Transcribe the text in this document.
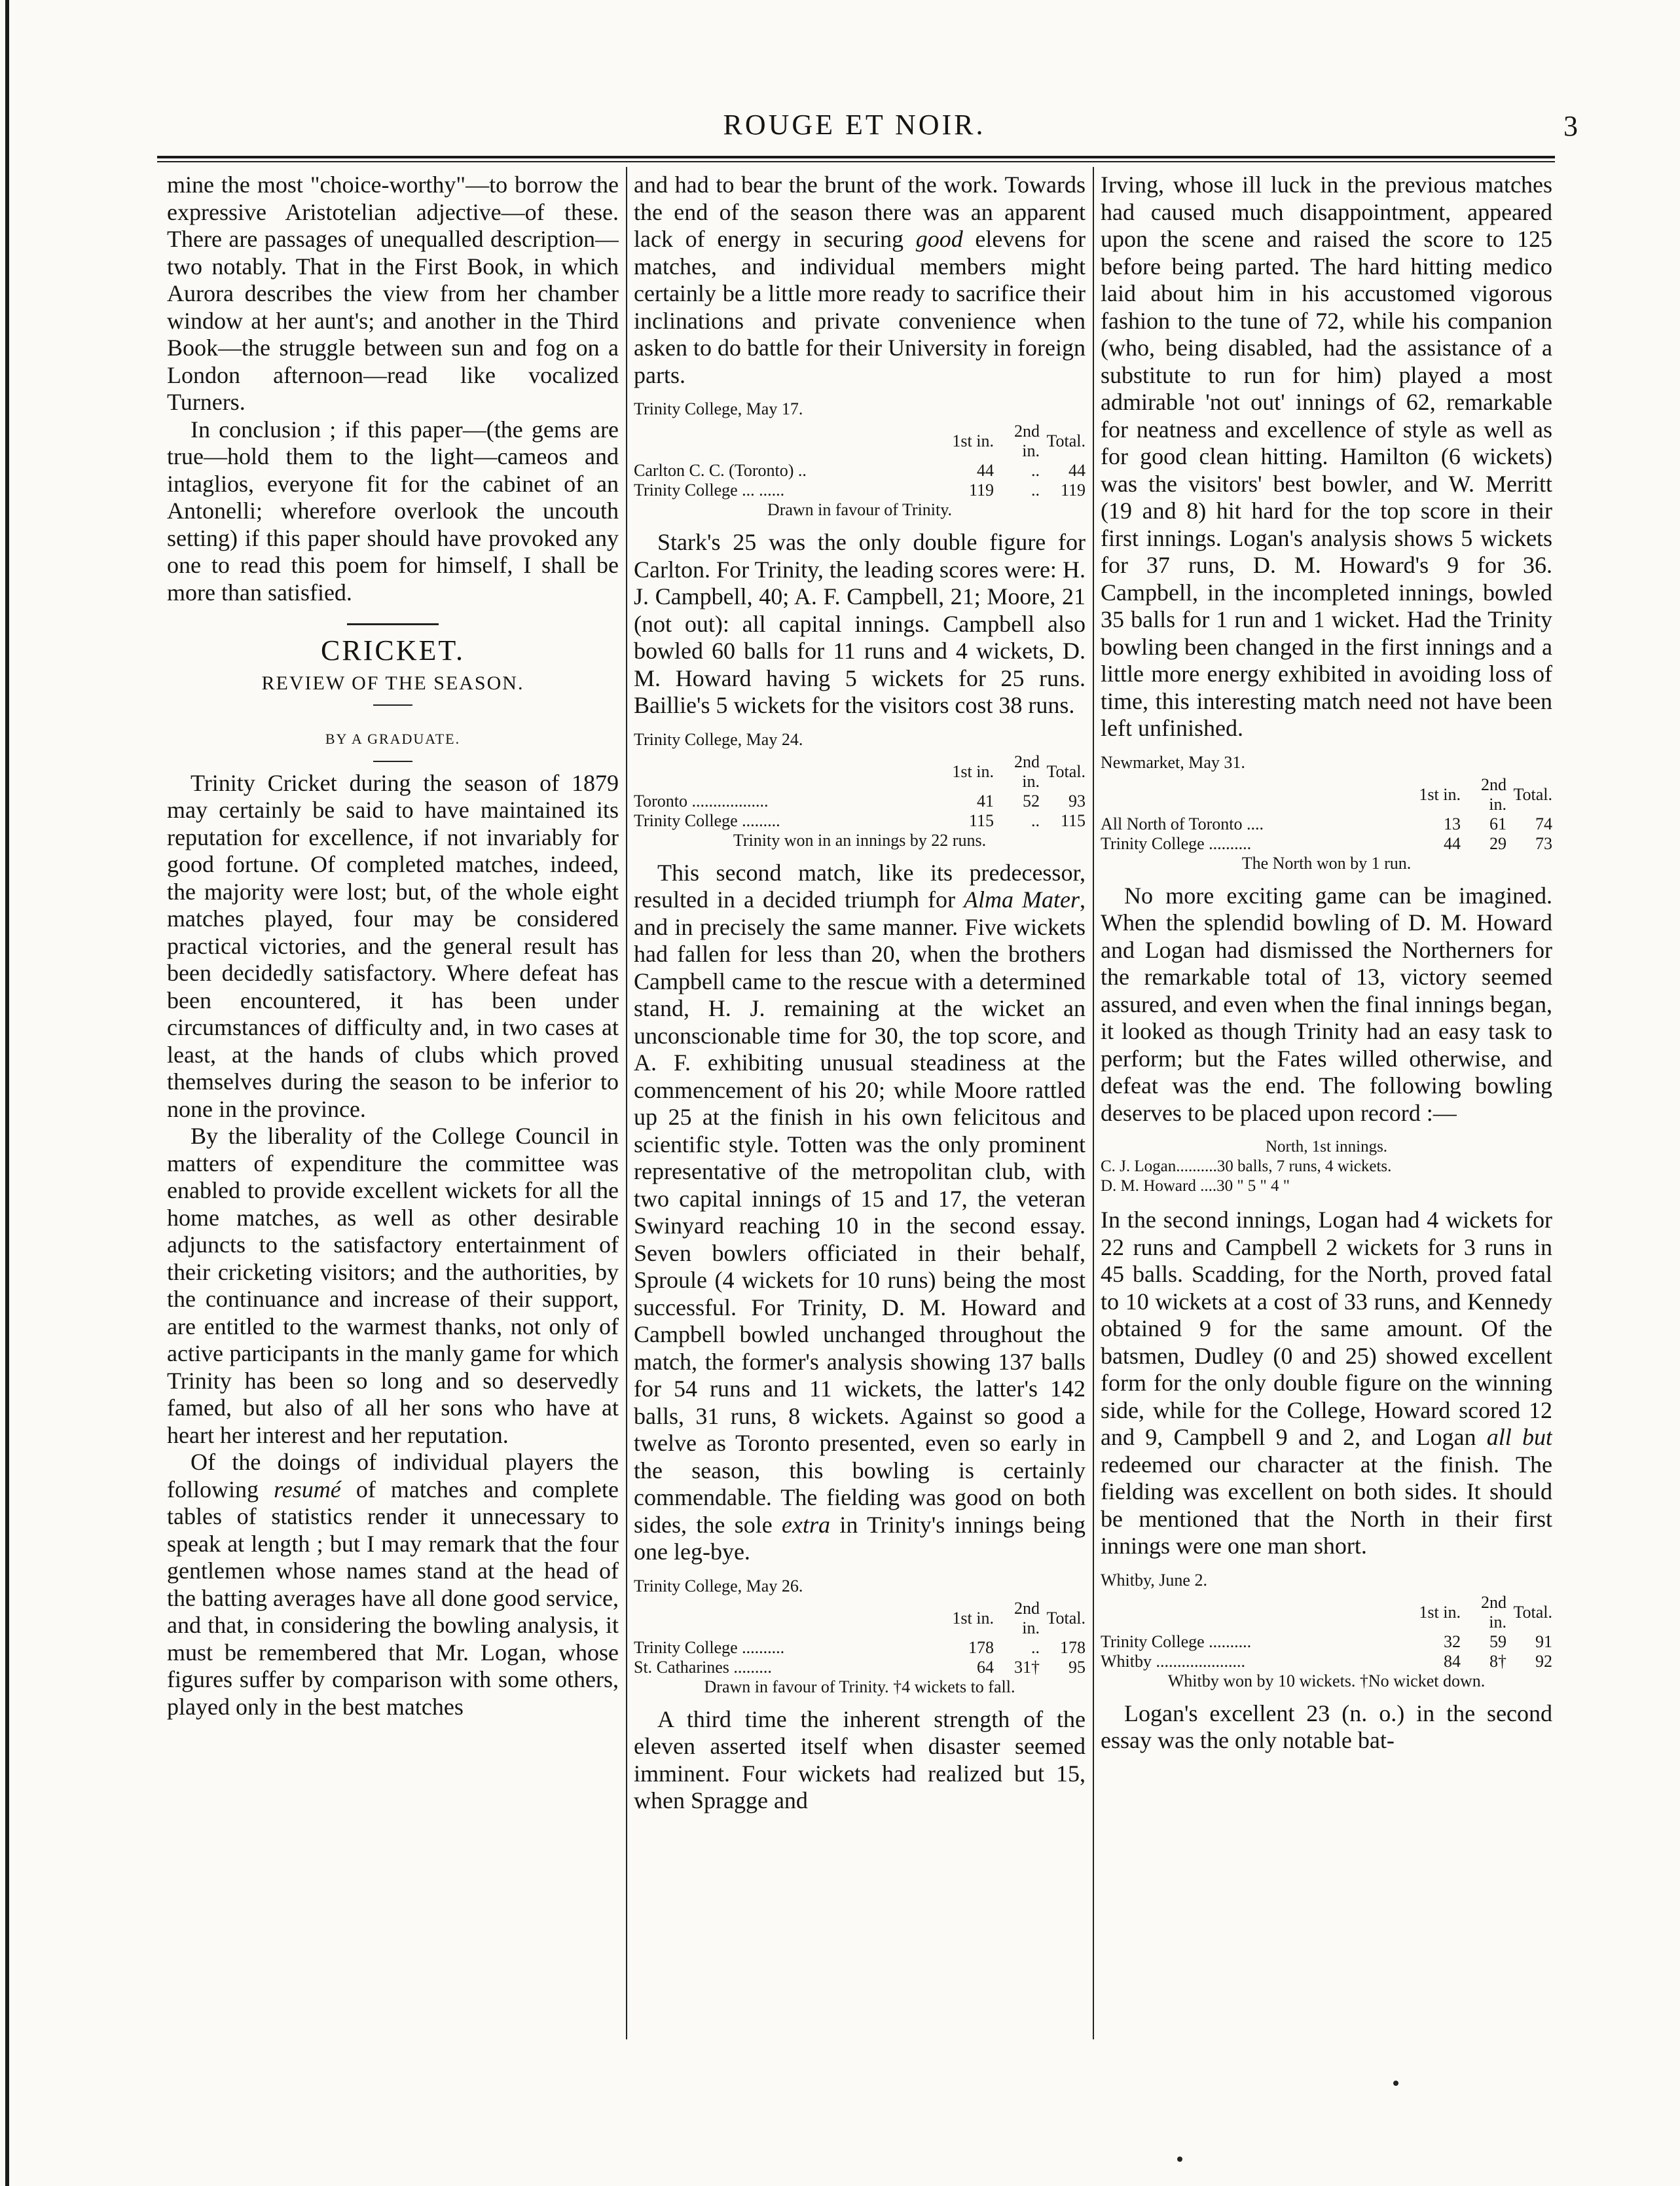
ROUGE ET NOIR.	3

mine the most "choice-worthy"—to borrow the expressive Aristotelian adjective—of these. There are passages of unequalled description—two notably. That in the First Book, in which Aurora describes the view from her chamber window at her aunt's; and another in the Third Book—the struggle between sun and fog on a London afternoon—read like vocalized Turners.

In conclusion ; if this paper—(the gems are true—hold them to the light—cameos and intaglios, everyone fit for the cabinet of an Antonelli; wherefore overlook the uncouth setting) if this paper should have provoked any one to read this poem for himself, I shall be more than satisfied.

CRICKET.
REVIEW OF THE SEASON.
BY A GRADUATE.

Trinity Cricket during the season of 1879 may certainly be said to have maintained its reputation for excellence, if not invariably for good fortune. Of completed matches, indeed, the majority were lost; but, of the whole eight matches played, four may be considered practical victories, and the general result has been decidedly satisfactory. Where defeat has been encountered, it has been under circumstances of difficulty and, in two cases at least, at the hands of clubs which proved themselves during the season to be inferior to none in the province.

By the liberality of the College Council in matters of expenditure the committee was enabled to provide excellent wickets for all the home matches, as well as other desirable adjuncts to the satisfactory entertainment of their cricketing visitors; and the authorities, by the continuance and increase of their support, are entitled to the warmest thanks, not only of active participants in the manly game for which Trinity has been so long and so deservedly famed, but also of all her sons who have at heart her interest and her reputation.

Of the doings of individual players the following resumé of matches and complete tables of statistics render it unnecessary to speak at length ; but I may remark that the four gentlemen whose names stand at the head of the batting averages have all done good service, and that, in considering the bowling analysis, it must be remembered that Mr. Logan, whose figures suffer by comparison with some others, played only in the best matches

and had to bear the brunt of the work. Towards the end of the season there was an apparent lack of energy in securing good elevens for matches, and individual members might certainly be a little more ready to sacrifice their inclinations and private convenience when asken to do battle for their University in foreign parts.

Trinity College, May 17.
	1st in.	2nd in.	Total.
Carlton C. C. (Toronto) ..	44	..	44
Trinity College ... ......	119	..	119
Drawn in favour of Trinity.

Stark's 25 was the only double figure for Carlton. For Trinity, the leading scores were: H. J. Campbell, 40; A. F. Campbell, 21; Moore, 21 (not out): all capital innings. Campbell also bowled 60 balls for 11 runs and 4 wickets, D. M. Howard having 5 wickets for 25 runs. Baillie's 5 wickets for the visitors cost 38 runs.

Trinity College, May 24.
	1st in.	2nd in.	Total.
Toronto ..................	41	52	93
Trinity College .........	115	..	115
Trinity won in an innings by 22 runs.

This second match, like its predecessor, resulted in a decided triumph for Alma Mater, and in precisely the same manner. Five wickets had fallen for less than 20, when the brothers Campbell came to the rescue with a determined stand, H. J. remaining at the wicket an unconscionable time for 30, the top score, and A. F. exhibiting unusual steadiness at the commencement of his 20; while Moore rattled up 25 at the finish in his own felicitous and scientific style. Totten was the only prominent representative of the metropolitan club, with two capital innings of 15 and 17, the veteran Swinyard reaching 10 in the second essay. Seven bowlers officiated in their behalf, Sproule (4 wickets for 10 runs) being the most successful. For Trinity, D. M. Howard and Campbell bowled unchanged throughout the match, the former's analysis showing 137 balls for 54 runs and 11 wickets, the latter's 142 balls, 31 runs, 8 wickets. Against so good a twelve as Toronto presented, even so early in the season, this bowling is certainly commendable. The fielding was good on both sides, the sole extra in Trinity's innings being one leg-bye.

Trinity College, May 26.
	1st in.	2nd in.	Total.
Trinity College ..........	178	..	178
St. Catharines .........	64	31†	95
Drawn in favour of Trinity. †4 wickets to fall.

A third time the inherent strength of the eleven asserted itself when disaster seemed imminent. Four wickets had realized but 15, when Spragge and

Irving, whose ill luck in the previous matches had caused much disappointment, appeared upon the scene and raised the score to 125 before being parted. The hard hitting medico laid about him in his accustomed vigorous fashion to the tune of 72, while his companion (who, being disabled, had the assistance of a substitute to run for him) played a most admirable 'not out' innings of 62, remarkable for neatness and excellence of style as well as for good clean hitting. Hamilton (6 wickets) was the visitors' best bowler, and W. Merritt (19 and 8) hit hard for the top score in their first innings. Logan's analysis shows 5 wickets for 37 runs, D. M. Howard's 9 for 36. Campbell, in the incompleted innings, bowled 35 balls for 1 run and 1 wicket. Had the Trinity bowling been changed in the first innings and a little more energy exhibited in avoiding loss of time, this interesting match need not have been left unfinished.

Newmarket, May 31.
	1st in.	2nd in.	Total.
All North of Toronto ....	13	61	74
Trinity College ..........	44	29	73
The North won by 1 run.

No more exciting game can be imagined. When the splendid bowling of D. M. Howard and Logan had dismissed the Northerners for the remarkable total of 13, victory seemed assured, and even when the final innings began, it looked as though Trinity had an easy task to perform; but the Fates willed otherwise, and defeat was the end. The following bowling deserves to be placed upon record :—

North, 1st innings.
C. J. Logan..........30 balls, 7 runs, 4 wickets.
D. M. Howard ....30 " 5 " 4 "

In the second innings, Logan had 4 wickets for 22 runs and Campbell 2 wickets for 3 runs in 45 balls. Scadding, for the North, proved fatal to 10 wickets at a cost of 33 runs, and Kennedy obtained 9 for the same amount. Of the batsmen, Dudley (0 and 25) showed excellent form for the only double figure on the winning side, while for the College, Howard scored 12 and 9, Campbell 9 and 2, and Logan all but redeemed our character at the finish. The fielding was excellent on both sides. It should be mentioned that the North in their first innings were one man short.

Whitby, June 2.
	1st in.	2nd in.	Total.
Trinity College ..........	32	59	91
Whitby .....................	84	8†	92
Whitby won by 10 wickets. †No wicket down.

Logan's excellent 23 (n. o.) in the second essay was the only notable bat-
